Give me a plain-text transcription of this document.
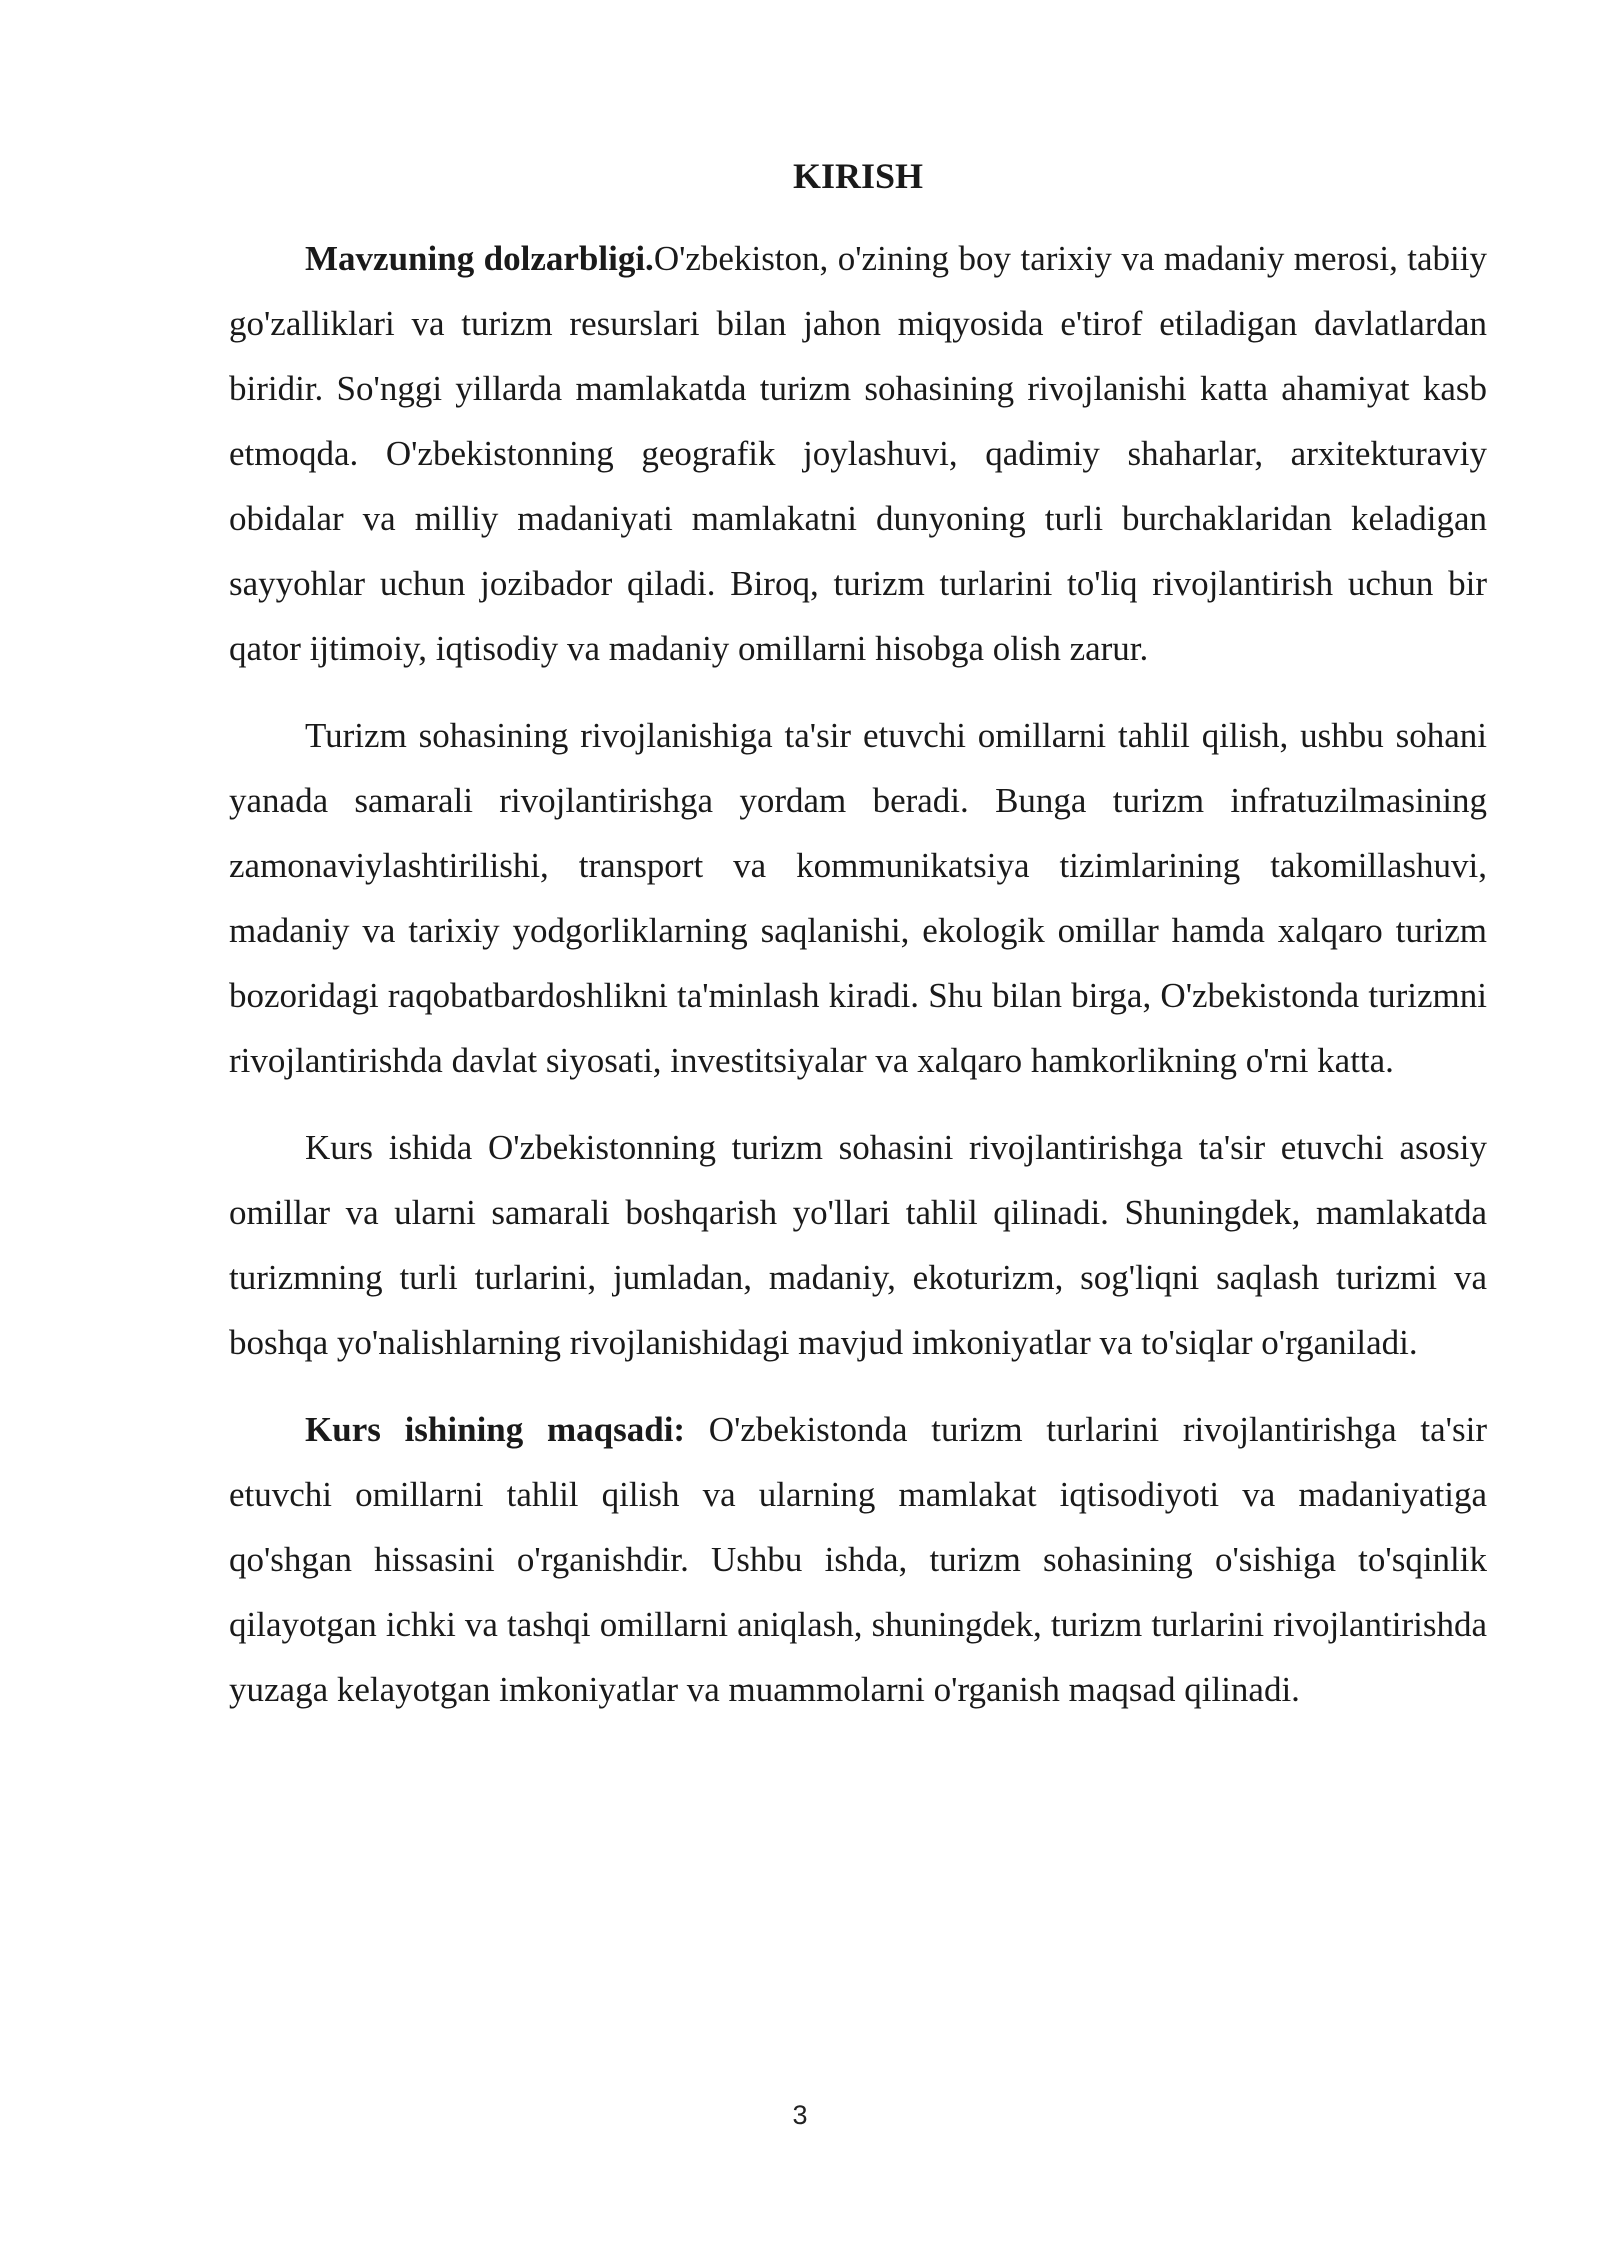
KIRISH

Mavzuning dolzarbligi.O'zbekiston, o'zining boy tarixiy va madaniy merosi, tabiiy go'zalliklari va turizm resurslari bilan jahon miqyosida e'tirof etiladigan davlatlardan biridir. So'nggi yillarda mamlakatda turizm sohasining rivojlanishi katta ahamiyat kasb etmoqda. O'zbekistonning geografik joylashuvi, qadimiy shaharlar, arxitekturaviy obidalar va milliy madaniyati mamlakatni dunyoning turli burchaklaridan keladigan sayyohlar uchun jozibador qiladi. Biroq, turizm turlarini to'liq rivojlantirish uchun bir qator ijtimoiy, iqtisodiy va madaniy omillarni hisobga olish zarur.

Turizm sohasining rivojlanishiga ta'sir etuvchi omillarni tahlil qilish, ushbu sohani yanada samarali rivojlantirishga yordam beradi. Bunga turizm infratuzilmasining zamonaviylashtirilishi, transport va kommunikatsiya tizimlarining takomillashuvi, madaniy va tarixiy yodgorliklarning saqlanishi, ekologik omillar hamda xalqaro turizm bozoridagi raqobatbardoshlikni ta'minlash kiradi. Shu bilan birga, O'zbekistonda turizmni rivojlantirishda davlat siyosati, investitsiyalar va xalqaro hamkorlikning o'rni katta.

Kurs ishida O'zbekistonning turizm sohasini rivojlantirishga ta'sir etuvchi asosiy omillar va ularni samarali boshqarish yo'llari tahlil qilinadi. Shuningdek, mamlakatda turizmning turli turlarini, jumladan, madaniy, ekoturizm, sog'liqni saqlash turizmi va boshqa yo'nalishlarning rivojlanishidagi mavjud imkoniyatlar va to'siqlar o'rganiladi.

Kurs ishining maqsadi: O'zbekistonda turizm turlarini rivojlantirishga ta'sir etuvchi omillarni tahlil qilish va ularning mamlakat iqtisodiyoti va madaniyatiga qo'shgan hissasini o'rganishdir. Ushbu ishda, turizm sohasining o'sishiga to'sqinlik qilayotgan ichki va tashqi omillarni aniqlash, shuningdek, turizm turlarini rivojlantirishda yuzaga kelayotgan imkoniyatlar va muammolarni o'rganish maqsad qilinadi.

3
